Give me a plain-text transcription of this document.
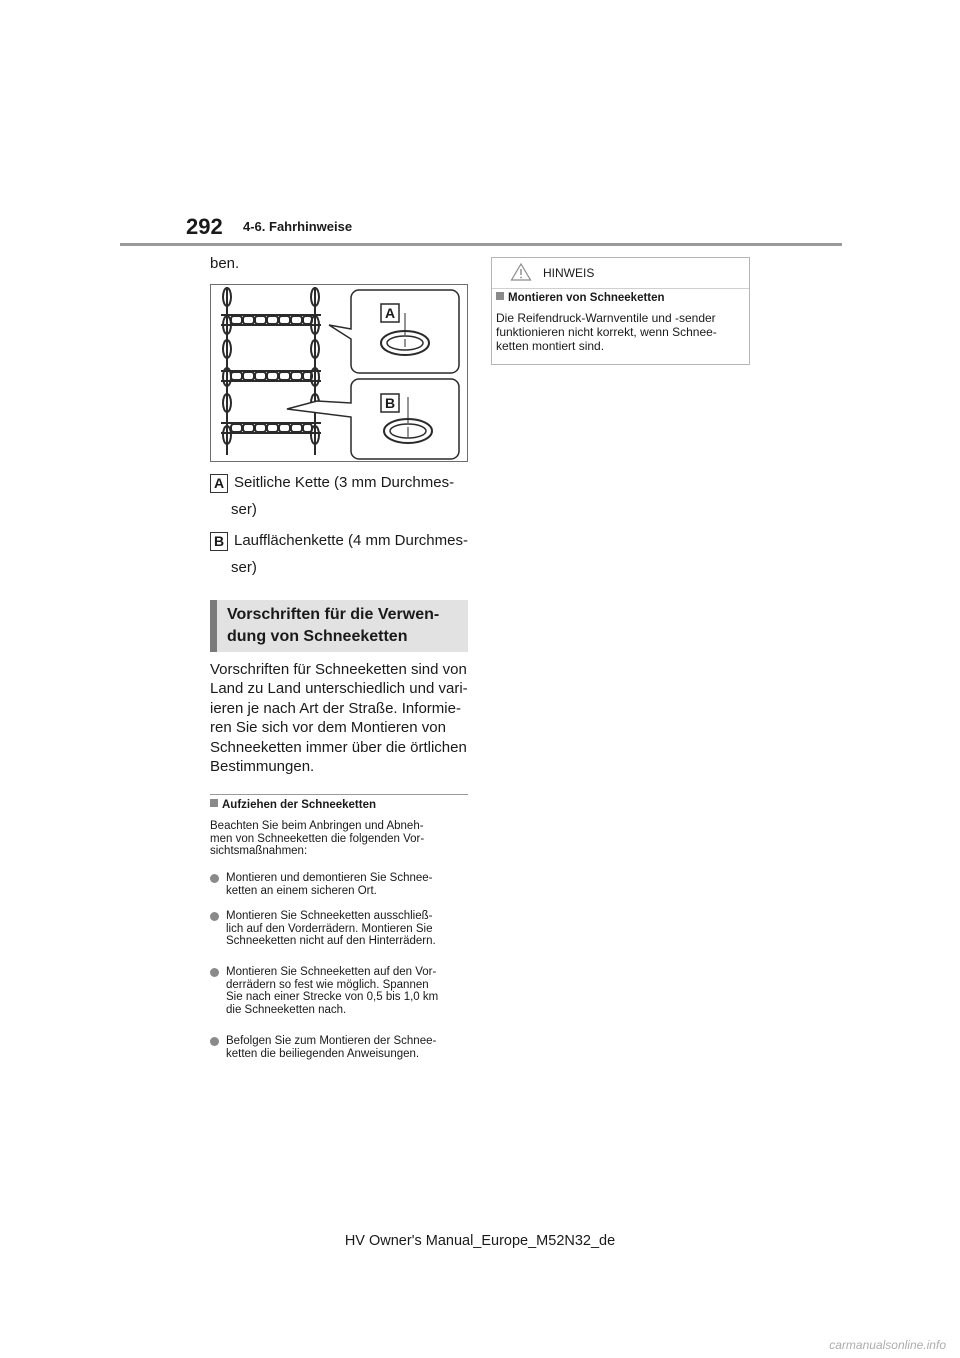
292 4-6. Fahrhinweise
ben.
A
B
A Seitliche Kette (3 mm Durchmes-
ser)
B Laufflächenkette (4 mm Durchmes-
ser)
Vorschriften für die Verwen-
dung von Schneeketten
Vorschriften für Schneeketten sind von
Land zu Land unterschiedlich und vari-
ieren je nach Art der Straße. Informie-
ren Sie sich vor dem Montieren von
Schneeketten immer über die örtlichen
Bestimmungen.
Aufziehen der Schneeketten
Beachten Sie beim Anbringen und Abneh-
men von Schneeketten die folgenden Vor-
sichtsmaßnahmen:
Montieren und demontieren Sie Schnee-
ketten an einem sicheren Ort.
Montieren Sie Schneeketten ausschließ-
lich auf den Vorderrädern. Montieren Sie
Schneeketten nicht auf den Hinterrädern.
Montieren Sie Schneeketten auf den Vor-
derrädern so fest wie möglich. Spannen
Sie nach einer Strecke von 0,5 bis 1,0 km
die Schneeketten nach.
Befolgen Sie zum Montieren der Schnee-
ketten die beiliegenden Anweisungen.
HINWEIS
Montieren von Schneeketten
Die Reifendruck-Warnventile und -sender
funktionieren nicht korrekt, wenn Schnee-
ketten montiert sind.
HV Owner's Manual_Europe_M52N32_de
carmanualsonline.info
